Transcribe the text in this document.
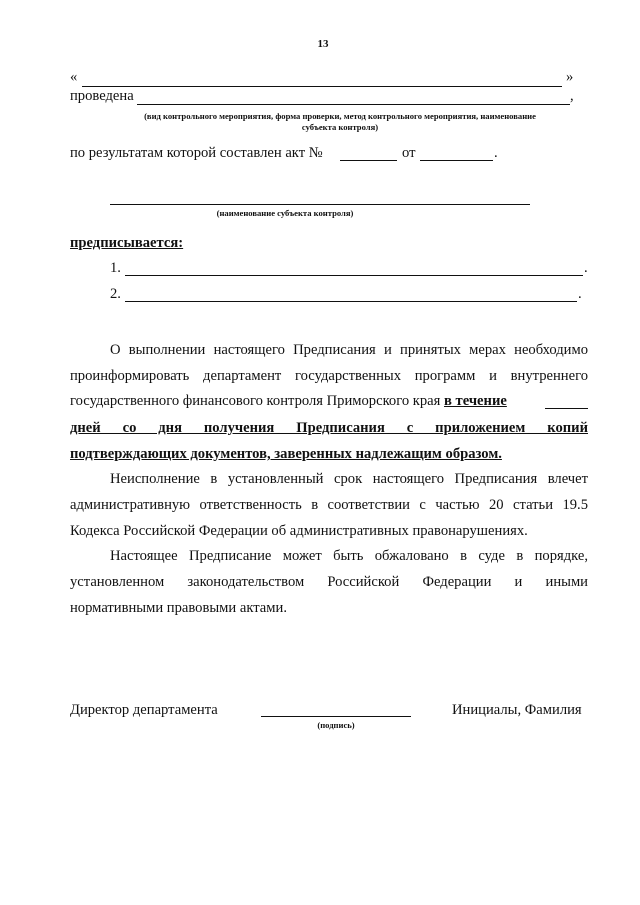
13
«	»
проведена	,
(вид контрольного мероприятия, форма проверки, метод контрольного мероприятия, наименование
субъекта контроля)
по результатам которой составлен акт №	от	.
(наименование субъекта контроля)
предписывается:
1.	.
2.	.
О выполнении настоящего Предписания и принятых мерах необходимо
проинформировать департамент государственных программ и внутреннего
государственного финансового контроля Приморского края в течение
дней со дня получения Предписания с приложением копий
подтверждающих документов, заверенных надлежащим образом.
Неисполнение в установленный срок настоящего Предписания влечет
административную ответственность в соответствии с частью 20 статьи 19.5
Кодекса Российской Федерации об административных правонарушениях.
Настоящее Предписание может быть обжаловано в суде в порядке,
установленном законодательством Российской Федерации и иными
нормативными правовыми актами.
Директор департамента
(подпись)
Инициалы, Фамилия
